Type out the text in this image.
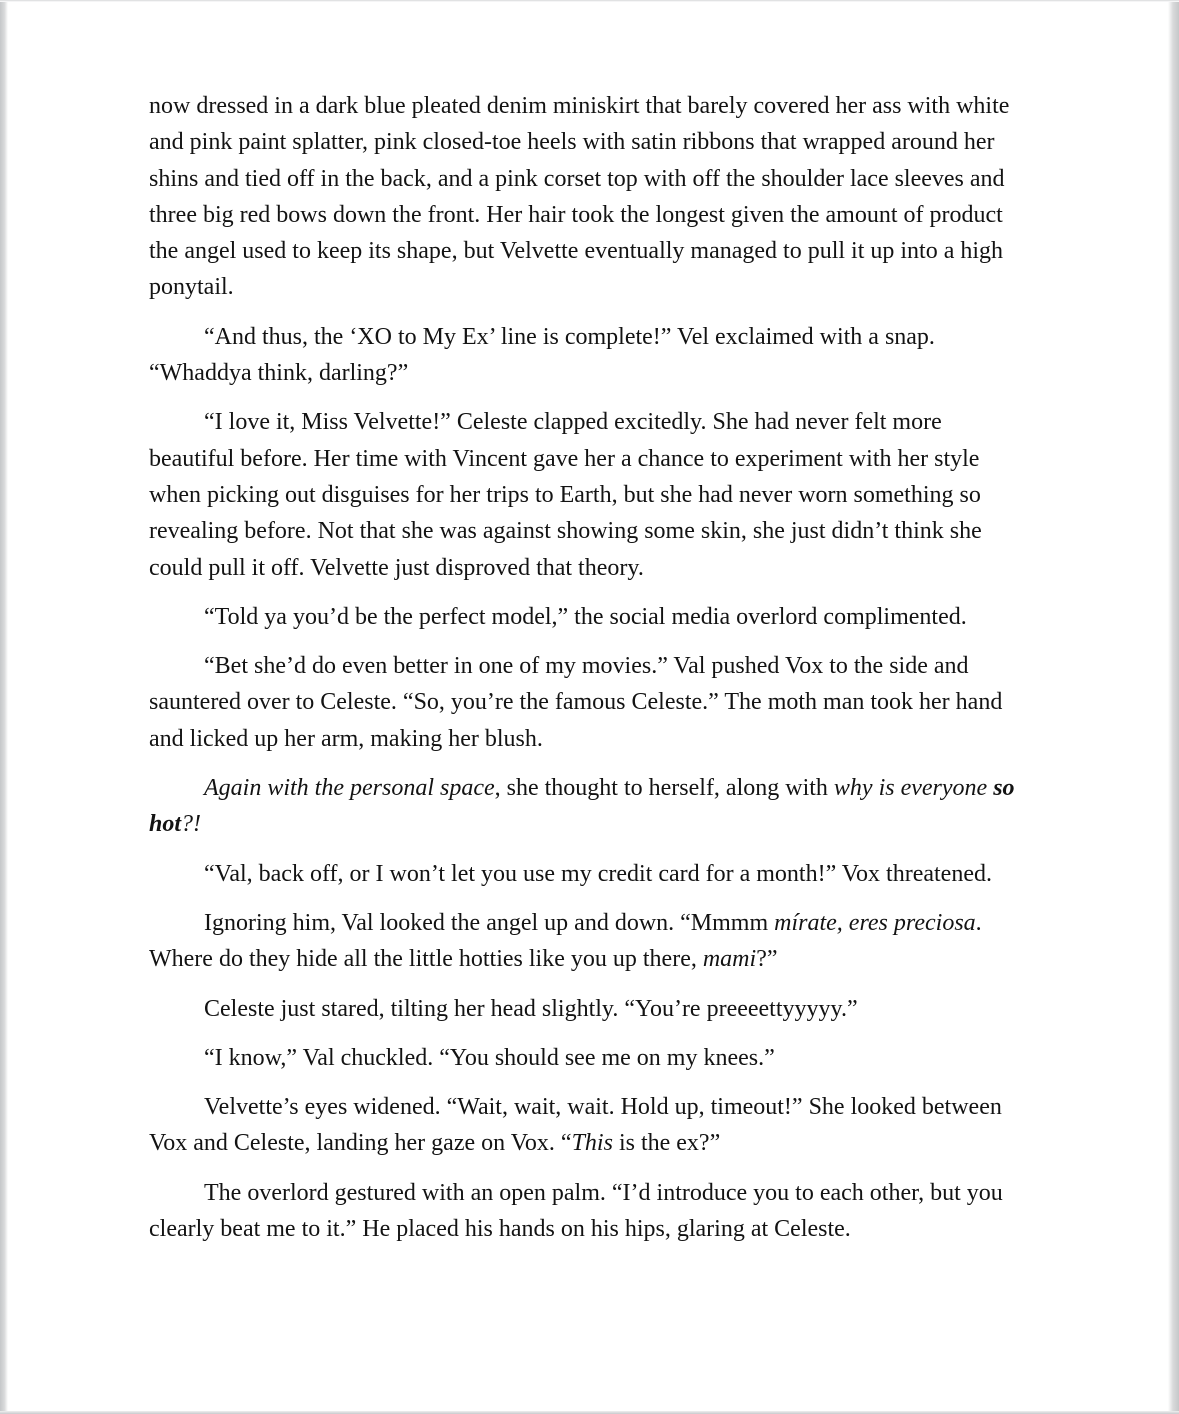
now dressed in a dark blue pleated denim miniskirt that barely covered her ass with white and pink paint splatter, pink closed-toe heels with satin ribbons that wrapped around her shins and tied off in the back, and a pink corset top with off the shoulder lace sleeves and three big red bows down the front. Her hair took the longest given the amount of product the angel used to keep its shape, but Velvette eventually managed to pull it up into a high ponytail.

“And thus, the ‘XO to My Ex’ line is complete!” Vel exclaimed with a snap. “Whaddya think, darling?”

“I love it, Miss Velvette!” Celeste clapped excitedly. She had never felt more beautiful before. Her time with Vincent gave her a chance to experiment with her style when picking out disguises for her trips to Earth, but she had never worn something so revealing before. Not that she was against showing some skin, she just didn’t think she could pull it off. Velvette just disproved that theory.

“Told ya you’d be the perfect model,” the social media overlord complimented.

“Bet she’d do even better in one of my movies.” Val pushed Vox to the side and sauntered over to Celeste. “So, you’re the famous Celeste.” The moth man took her hand and licked up her arm, making her blush.

Again with the personal space, she thought to herself, along with why is everyone so hot?!

“Val, back off, or I won’t let you use my credit card for a month!” Vox threatened.

Ignoring him, Val looked the angel up and down. “Mmmm mírate, eres preciosa. Where do they hide all the little hotties like you up there, mami?”

Celeste just stared, tilting her head slightly. “You’re preeeettyyyyy.”

“I know,” Val chuckled. “You should see me on my knees.”

Velvette’s eyes widened. “Wait, wait, wait. Hold up, timeout!” She looked between Vox and Celeste, landing her gaze on Vox. “This is the ex?”

The overlord gestured with an open palm. “I’d introduce you to each other, but you clearly beat me to it.” He placed his hands on his hips, glaring at Celeste.
